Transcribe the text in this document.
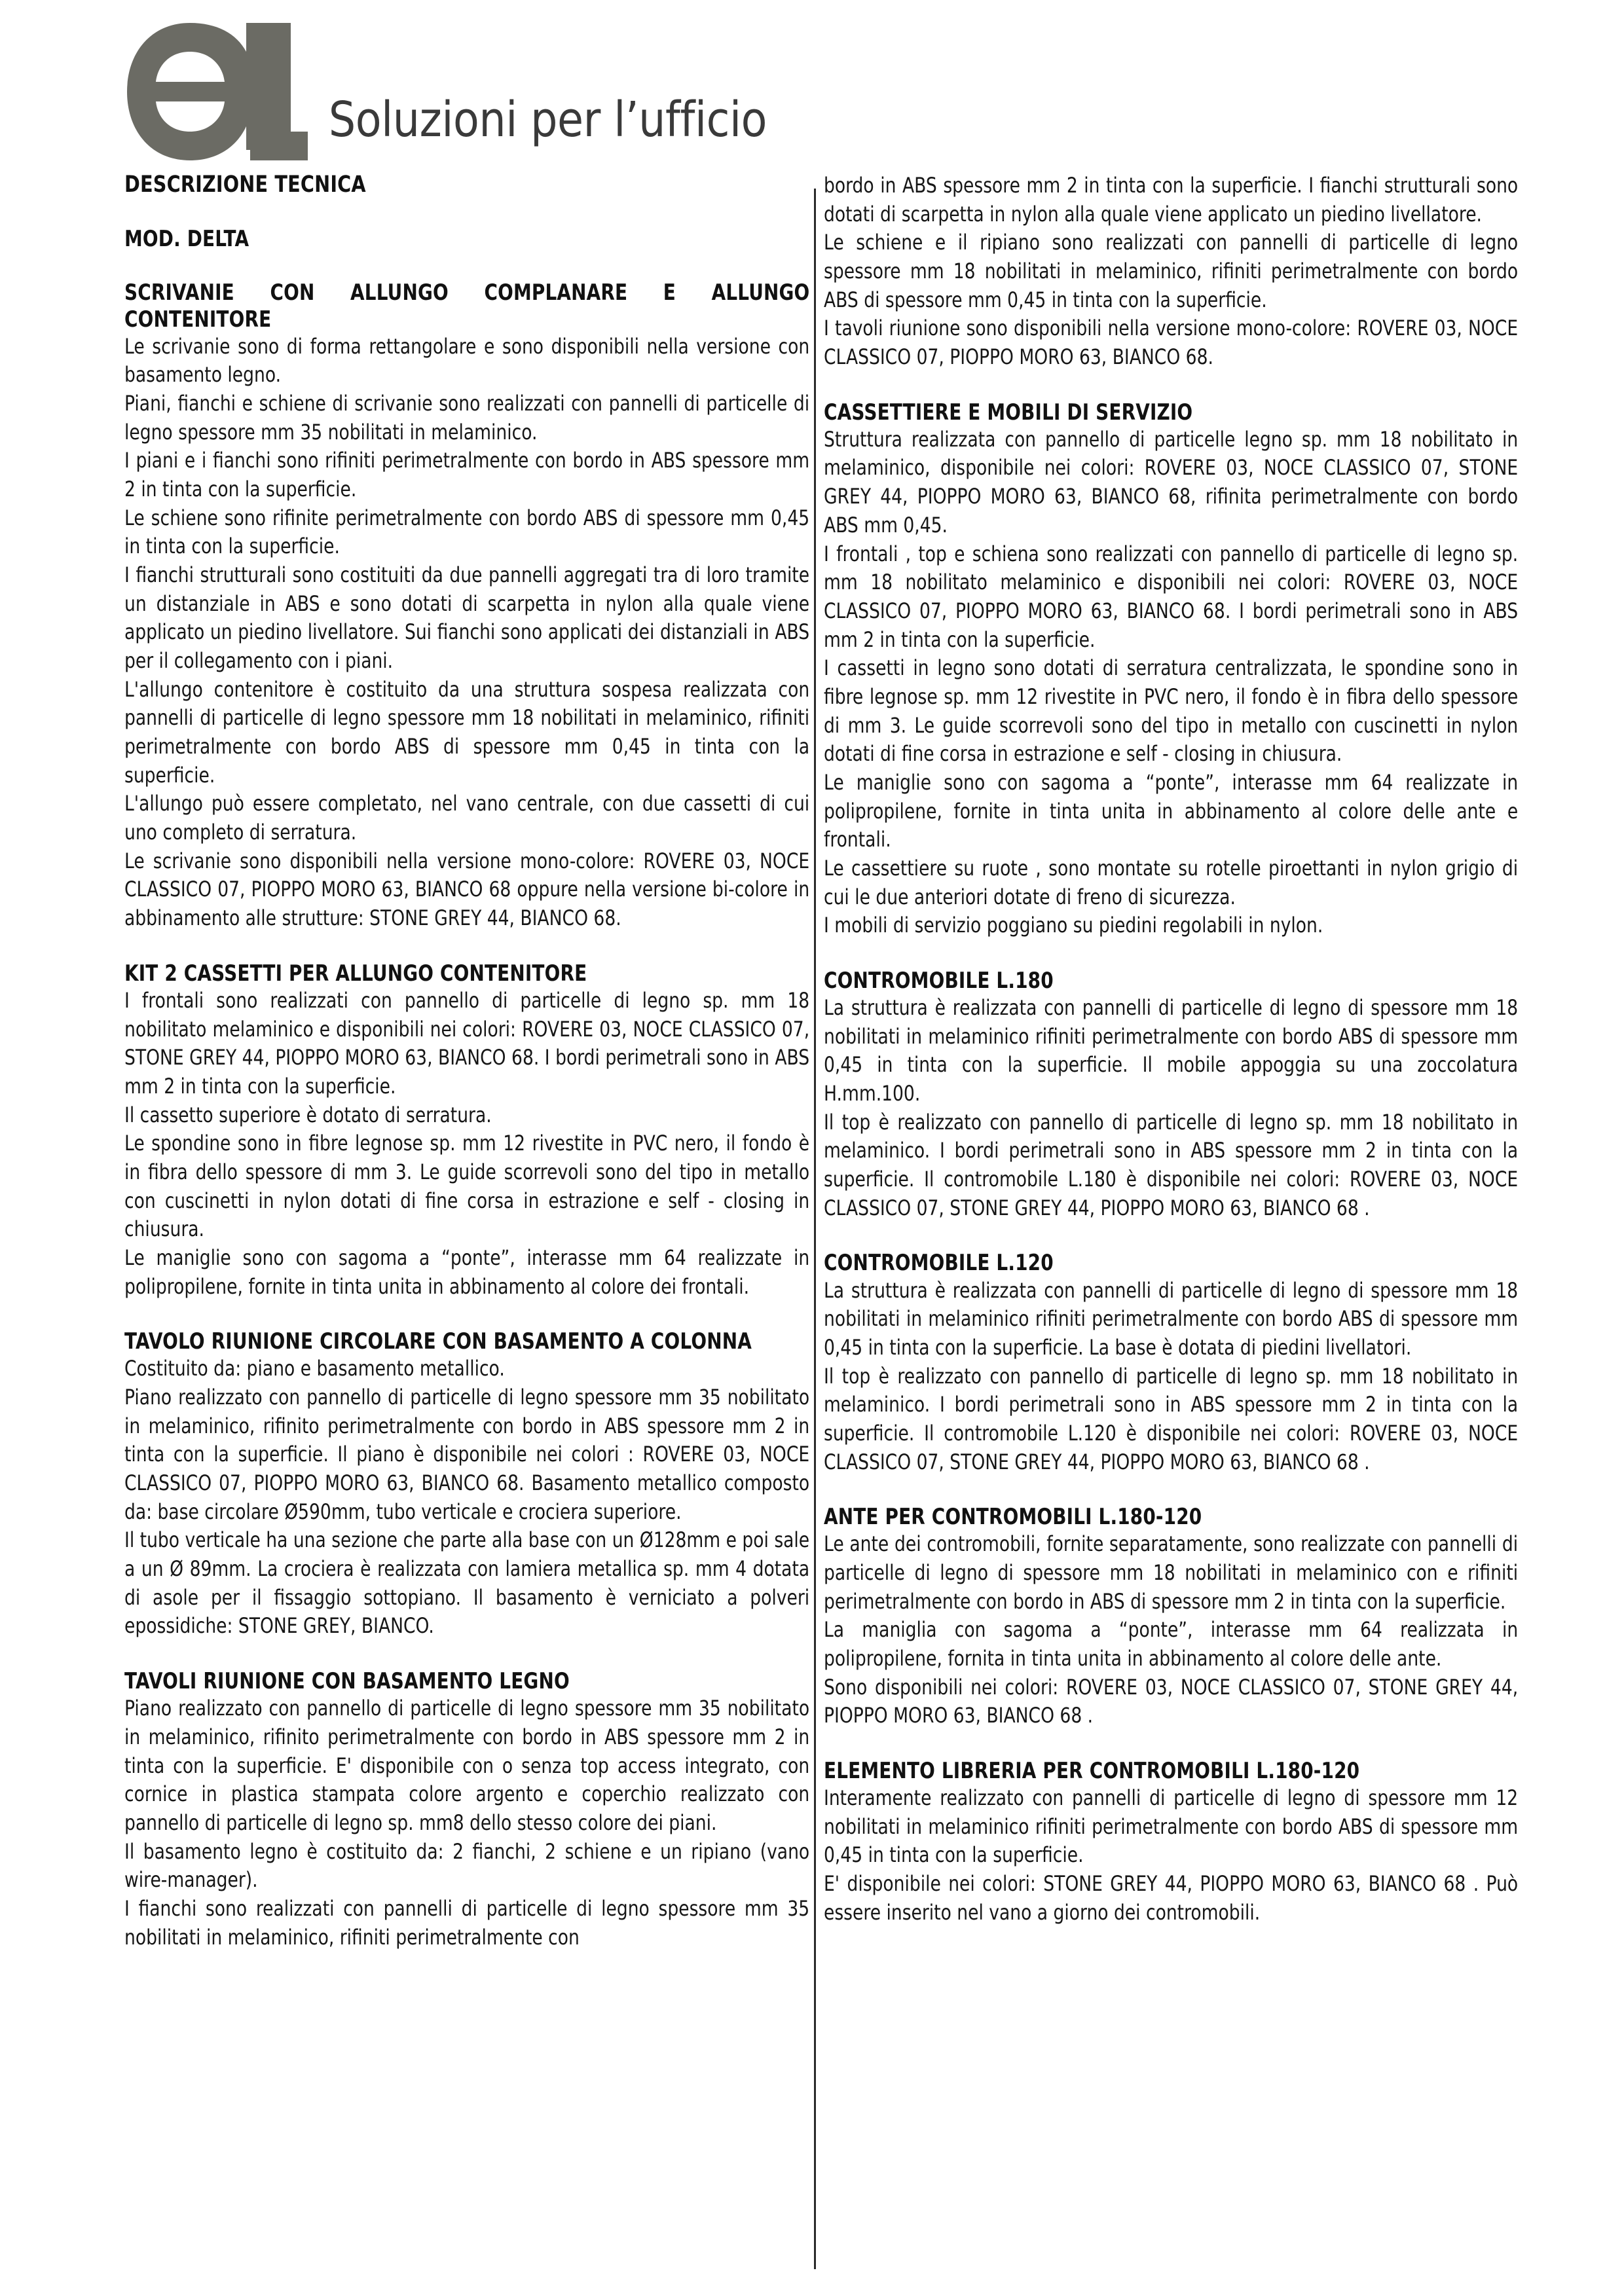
Soluzioni per l’ufficio
DESCRIZIONE TECNICA
MOD. DELTA
SCRIVANIE CON ALLUNGO COMPLANARE E ALLUNGO CONTENITORE

Le scrivanie sono di forma rettangolare e sono disponibili nella versione con basamento legno.

Piani, fianchi e schiene di scrivanie sono realizzati con pannelli di particelle di legno spessore mm 35 nobilitati in melaminico.

I piani e i fianchi sono rifiniti perimetralmente con bordo in ABS spessore mm 2 in tinta con la superficie.

Le schiene sono rifinite perimetralmente con bordo ABS di spessore mm 0,45 in tinta con la superficie.

I fianchi strutturali sono costituiti da due pannelli aggregati tra di loro tramite un distanziale in ABS e sono dotati di scarpetta in nylon alla quale viene applicato un piedino livellatore. Sui fianchi sono applicati dei distanziali in ABS per il collegamento con i piani.

L'allungo contenitore è costituito da una struttura sospesa realizzata con pannelli di particelle di legno spessore mm 18 nobilitati in melaminico, rifiniti perimetralmente con bordo ABS di spessore mm 0,45 in tinta con la superficie.

L'allungo può essere completato, nel vano centrale, con due cassetti di cui uno completo di serratura.

Le scrivanie sono disponibili nella versione mono-colore: ROVERE 03, NOCE CLASSICO 07, PIOPPO MORO 63, BIANCO 68 oppure nella versione bi-colore in abbinamento alle strutture: STONE GREY 44, BIANCO 68.

KIT 2 CASSETTI PER ALLUNGO CONTENITORE

I frontali sono realizzati con pannello di particelle di legno sp. mm 18 nobilitato melaminico e disponibili nei colori: ROVERE 03, NOCE CLASSICO 07, STONE GREY 44, PIOPPO MORO 63, BIANCO 68. I bordi perimetrali sono in ABS mm 2 in tinta con la superficie.

Il cassetto superiore è dotato di serratura.

Le spondine sono in fibre legnose sp. mm 12 rivestite in PVC nero, il fondo è in fibra dello spessore di mm 3. Le guide scorrevoli sono del tipo in metallo con cuscinetti in nylon dotati di fine corsa in estrazione e self - closing in chiusura.

Le maniglie sono con sagoma a “ponte”, interasse mm 64 realizzate in polipropilene, fornite in tinta unita in abbinamento al colore dei frontali.

TAVOLO RIUNIONE CIRCOLARE CON BASAMENTO A COLONNA

Costituito da: piano e basamento metallico.

Piano realizzato con pannello di particelle di legno spessore mm 35 nobilitato in melaminico, rifinito perimetralmente con bordo in ABS spessore mm 2 in tinta con la superficie. Il piano è disponibile nei colori : ROVERE 03, NOCE CLASSICO 07, PIOPPO MORO 63, BIANCO 68. Basamento metallico composto da: base circolare Ø590mm, tubo verticale e crociera superiore.

Il tubo verticale ha una sezione che parte alla base con un Ø128mm e poi sale a un Ø 89mm. La crociera è realizzata con lamiera metallica sp. mm 4 dotata di asole per il fissaggio sottopiano. Il basamento è verniciato a polveri epossidiche: STONE GREY, BIANCO.

TAVOLI RIUNIONE CON BASAMENTO LEGNO

Piano realizzato con pannello di particelle di legno spessore mm 35 nobilitato in melaminico, rifinito perimetralmente con bordo in ABS spessore mm 2 in tinta con la superficie. E' disponibile con o senza top access integrato, con cornice in plastica stampata colore argento e coperchio realizzato con pannello di particelle di legno sp. mm8 dello stesso colore dei piani.

Il basamento legno è costituito da: 2 fianchi, 2 schiene e un ripiano (vano wire-manager).

I fianchi sono realizzati con pannelli di particelle di legno spessore mm 35 nobilitati in melaminico, rifiniti perimetralmente con

bordo in ABS spessore mm 2 in tinta con la superficie. I fianchi strutturali sono dotati di scarpetta in nylon alla quale viene applicato un piedino livellatore.

Le schiene e il ripiano sono realizzati con pannelli di particelle di legno spessore mm 18 nobilitati in melaminico, rifiniti perimetralmente con bordo ABS di spessore mm 0,45 in tinta con la superficie.

I tavoli riunione sono disponibili nella versione mono-colore: ROVERE 03, NOCE CLASSICO 07, PIOPPO MORO 63, BIANCO 68.

CASSETTIERE E MOBILI DI SERVIZIO

Struttura realizzata con pannello di particelle legno sp. mm 18 nobilitato in melaminico, disponibile nei colori: ROVERE 03, NOCE CLASSICO 07, STONE GREY 44, PIOPPO MORO 63, BIANCO 68, rifinita perimetralmente con bordo ABS mm 0,45.

I frontali , top e schiena sono realizzati con pannello di particelle di legno sp. mm 18 nobilitato melaminico e disponibili nei colori: ROVERE 03, NOCE CLASSICO 07, PIOPPO MORO 63, BIANCO 68. I bordi perimetrali sono in ABS mm 2 in tinta con la superficie.

I cassetti in legno sono dotati di serratura centralizzata, le spondine sono in fibre legnose sp. mm 12 rivestite in PVC nero, il fondo è in fibra dello spessore di mm 3. Le guide scorrevoli sono del tipo in metallo con cuscinetti in nylon dotati di fine corsa in estrazione e self - closing in chiusura.

Le maniglie sono con sagoma a “ponte”, interasse mm 64 realizzate in polipropilene, fornite in tinta unita in abbinamento al colore delle ante e frontali.

Le cassettiere su ruote , sono montate su rotelle piroettanti in nylon grigio di cui le due anteriori dotate di freno di sicurezza.

I mobili di servizio poggiano su piedini regolabili in nylon.

CONTROMOBILE L.180

La struttura è realizzata con pannelli di particelle di legno di spessore mm 18 nobilitati in melaminico rifiniti perimetralmente con bordo ABS di spessore mm 0,45 in tinta con la superficie. Il mobile appoggia su una zoccolatura H.mm.100.

Il top è realizzato con pannello di particelle di legno sp. mm 18 nobilitato in melaminico. I bordi perimetrali sono in ABS spessore mm 2 in tinta con la superficie. Il contromobile L.180 è disponibile nei colori: ROVERE 03, NOCE CLASSICO 07, STONE GREY 44, PIOPPO MORO 63, BIANCO 68 .

CONTROMOBILE L.120

La struttura è realizzata con pannelli di particelle di legno di spessore mm 18 nobilitati in melaminico rifiniti perimetralmente con bordo ABS di spessore mm 0,45 in tinta con la superficie. La base è dotata di piedini livellatori.

Il top è realizzato con pannello di particelle di legno sp. mm 18 nobilitato in melaminico. I bordi perimetrali sono in ABS spessore mm 2 in tinta con la superficie. Il contromobile L.120 è disponibile nei colori: ROVERE 03, NOCE CLASSICO 07, STONE GREY 44, PIOPPO MORO 63, BIANCO 68 .

ANTE PER CONTROMOBILI L.180-120

Le ante dei contromobili, fornite separatamente, sono realizzate con pannelli di particelle di legno di spessore mm 18 nobilitati in melaminico con e rifiniti perimetralmente con bordo in ABS di spessore mm 2 in tinta con la superficie.

La maniglia con sagoma a “ponte”, interasse mm 64 realizzata in polipropilene, fornita in tinta unita in abbinamento al colore delle ante.

Sono disponibili nei colori: ROVERE 03, NOCE CLASSICO 07, STONE GREY 44, PIOPPO MORO 63, BIANCO 68 .

ELEMENTO LIBRERIA PER CONTROMOBILI L.180-120

Interamente realizzato con pannelli di particelle di legno di spessore mm 12 nobilitati in melaminico rifiniti perimetralmente con bordo ABS di spessore mm 0,45 in tinta con la superficie.

E' disponibile nei colori: STONE GREY 44, PIOPPO MORO 63, BIANCO 68 . Può essere inserito nel vano a giorno dei contromobili.
